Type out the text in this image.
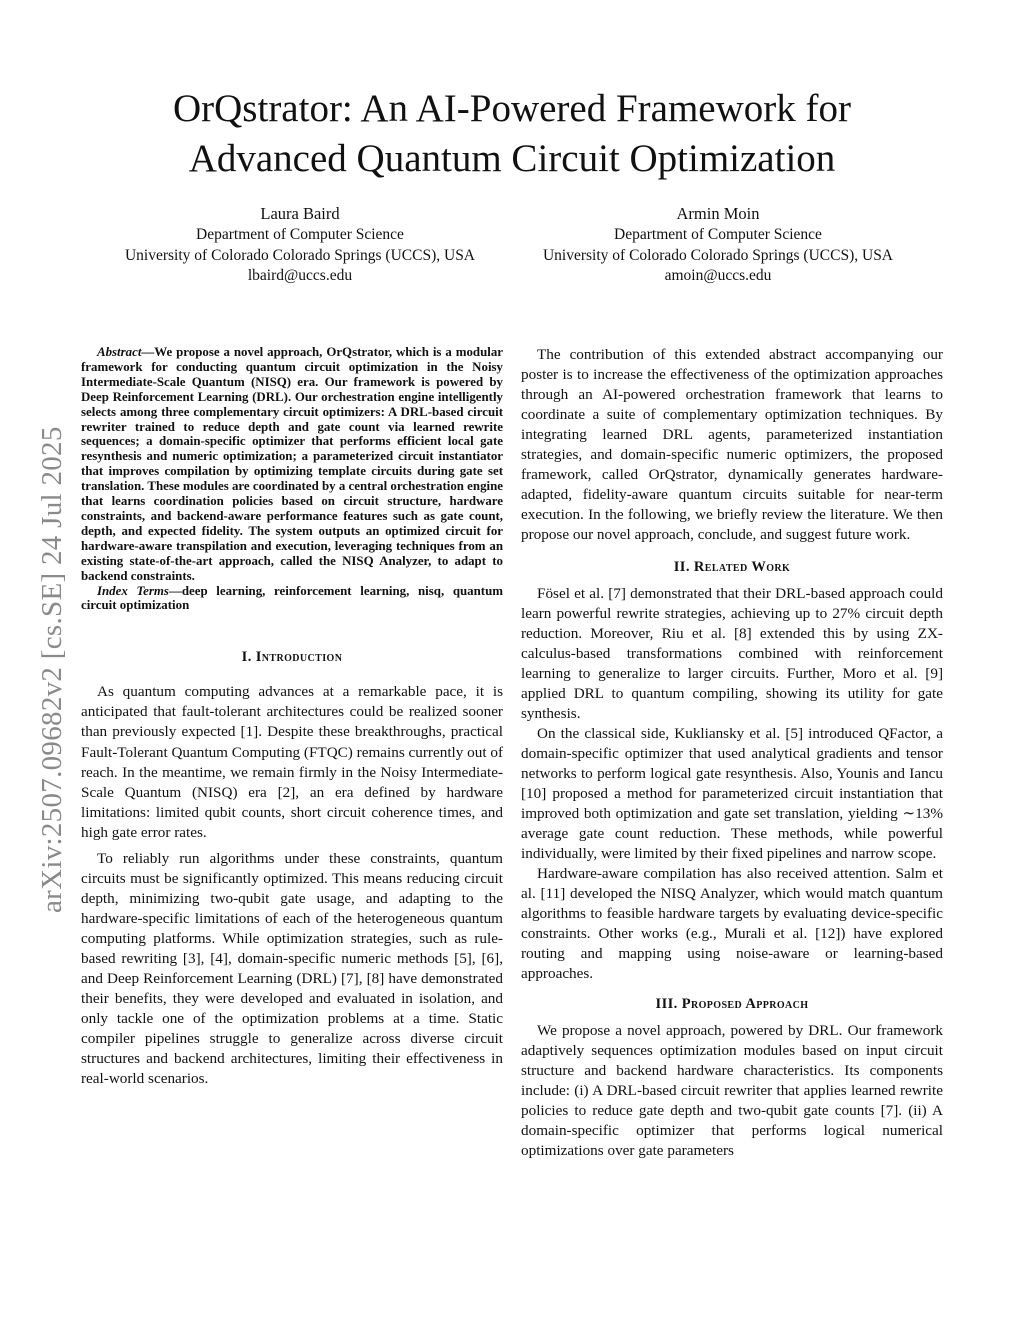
arXiv:2507.09682v2 [cs.SE] 24 Jul 2025
OrQstrator: An AI-Powered Framework for
Advanced Quantum Circuit Optimization
Laura Baird
Department of Computer Science
University of Colorado Colorado Springs (UCCS), USA
lbaird@uccs.edu
Armin Moin
Department of Computer Science
University of Colorado Colorado Springs (UCCS), USA
amoin@uccs.edu

Abstract—We propose a novel approach, OrQstrator, which is a modular framework for conducting quantum circuit optimization in the Noisy Intermediate-Scale Quantum (NISQ) era. Our framework is powered by Deep Reinforcement Learning (DRL). Our orchestration engine intelligently selects among three complementary circuit optimizers: A DRL-based circuit rewriter trained to reduce depth and gate count via learned rewrite sequences; a domain-specific optimizer that performs efficient local gate resynthesis and numeric optimization; a parameterized circuit instantiator that improves compilation by optimizing template circuits during gate set translation. These modules are coordinated by a central orchestration engine that learns coordination policies based on circuit structure, hardware constraints, and backend-aware performance features such as gate count, depth, and expected fidelity. The system outputs an optimized circuit for hardware-aware transpilation and execution, leveraging techniques from an existing state-of-the-art approach, called the NISQ Analyzer, to adapt to backend constraints.

Index Terms—deep learning, reinforcement learning, nisq, quantum circuit optimization

I. Introduction

As quantum computing advances at a remarkable pace, it is anticipated that fault-tolerant architectures could be realized sooner than previously expected [1]. Despite these breakthroughs, practical Fault-Tolerant Quantum Computing (FTQC) remains currently out of reach. In the meantime, we remain firmly in the Noisy Intermediate-Scale Quantum (NISQ) era [2], an era defined by hardware limitations: limited qubit counts, short circuit coherence times, and high gate error rates.

To reliably run algorithms under these constraints, quantum circuits must be significantly optimized. This means reducing circuit depth, minimizing two-qubit gate usage, and adapting to the hardware-specific limitations of each of the heterogeneous quantum computing platforms. While optimization strategies, such as rule-based rewriting [3], [4], domain-specific numeric methods [5], [6], and Deep Reinforcement Learning (DRL) [7], [8] have demonstrated their benefits, they were developed and evaluated in isolation, and only tackle one of the optimization problems at a time. Static compiler pipelines struggle to generalize across diverse circuit structures and backend architectures, limiting their effectiveness in real-world scenarios.

The contribution of this extended abstract accompanying our poster is to increase the effectiveness of the optimization approaches through an AI-powered orchestration framework that learns to coordinate a suite of complementary optimization techniques. By integrating learned DRL agents, parameterized instantiation strategies, and domain-specific numeric optimizers, the proposed framework, called OrQstrator, dynamically generates hardware-adapted, fidelity-aware quantum circuits suitable for near-term execution. In the following, we briefly review the literature. We then propose our novel approach, conclude, and suggest future work.

II. Related Work

Fösel et al. [7] demonstrated that their DRL-based approach could learn powerful rewrite strategies, achieving up to 27% circuit depth reduction. Moreover, Riu et al. [8] extended this by using ZX-calculus-based transformations combined with reinforcement learning to generalize to larger circuits. Further, Moro et al. [9] applied DRL to quantum compiling, showing its utility for gate synthesis.

On the classical side, Kukliansky et al. [5] introduced QFactor, a domain-specific optimizer that used analytical gradients and tensor networks to perform logical gate resynthesis. Also, Younis and Iancu [10] proposed a method for parameterized circuit instantiation that improved both optimization and gate set translation, yielding ∼13% average gate count reduction. These methods, while powerful individually, were limited by their fixed pipelines and narrow scope.

Hardware-aware compilation has also received attention. Salm et al. [11] developed the NISQ Analyzer, which would match quantum algorithms to feasible hardware targets by evaluating device-specific constraints. Other works (e.g., Murali et al. [12]) have explored routing and mapping using noise-aware or learning-based approaches.

III. Proposed Approach

We propose a novel approach, powered by DRL. Our framework adaptively sequences optimization modules based on input circuit structure and backend hardware characteristics. Its components include: (i) A DRL-based circuit rewriter that applies learned rewrite policies to reduce gate depth and two-qubit gate counts [7]. (ii) A domain-specific optimizer that performs logical numerical optimizations over gate parameters
